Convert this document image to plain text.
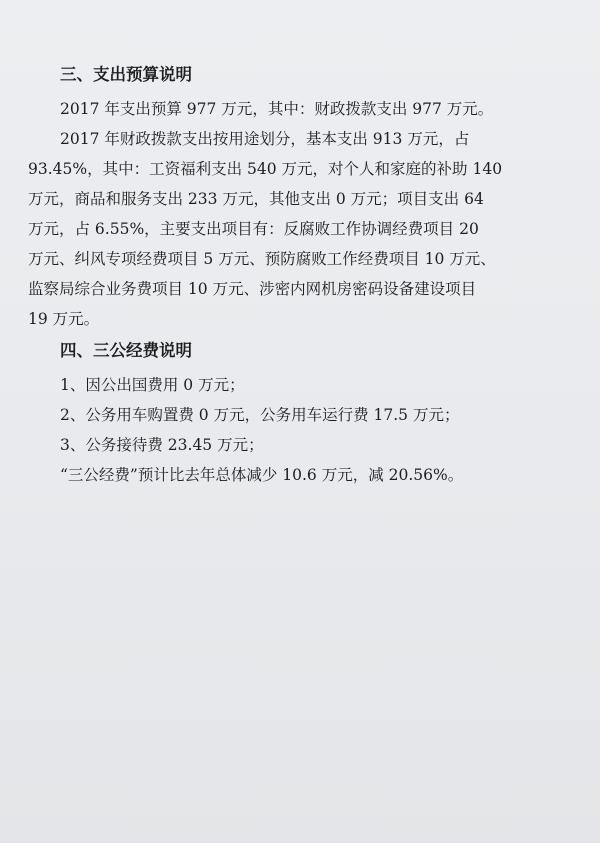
三、支出预算说明
2017 年支出预算 977 万元，其中：财政拨款支出 977 万元。
2017 年财政拨款支出按用途划分，基本支出 913 万元，占
93.45%，其中：工资福利支出 540 万元，对个人和家庭的补助 140
万元，商品和服务支出 233 万元，其他支出 0 万元；项目支出 64
万元，占 6.55%，主要支出项目有：反腐败工作协调经费项目 20
万元、纠风专项经费项目 5 万元、预防腐败工作经费项目 10 万元、
监察局综合业务费项目 10 万元、涉密内网机房密码设备建设项目
19 万元。
四、三公经费说明
1、因公出国费用 0 万元；
2、公务用车购置费 0 万元，公务用车运行费 17.5 万元；
3、公务接待费 23.45 万元；
“三公经费”预计比去年总体减少 10.6 万元，减 20.56%。
